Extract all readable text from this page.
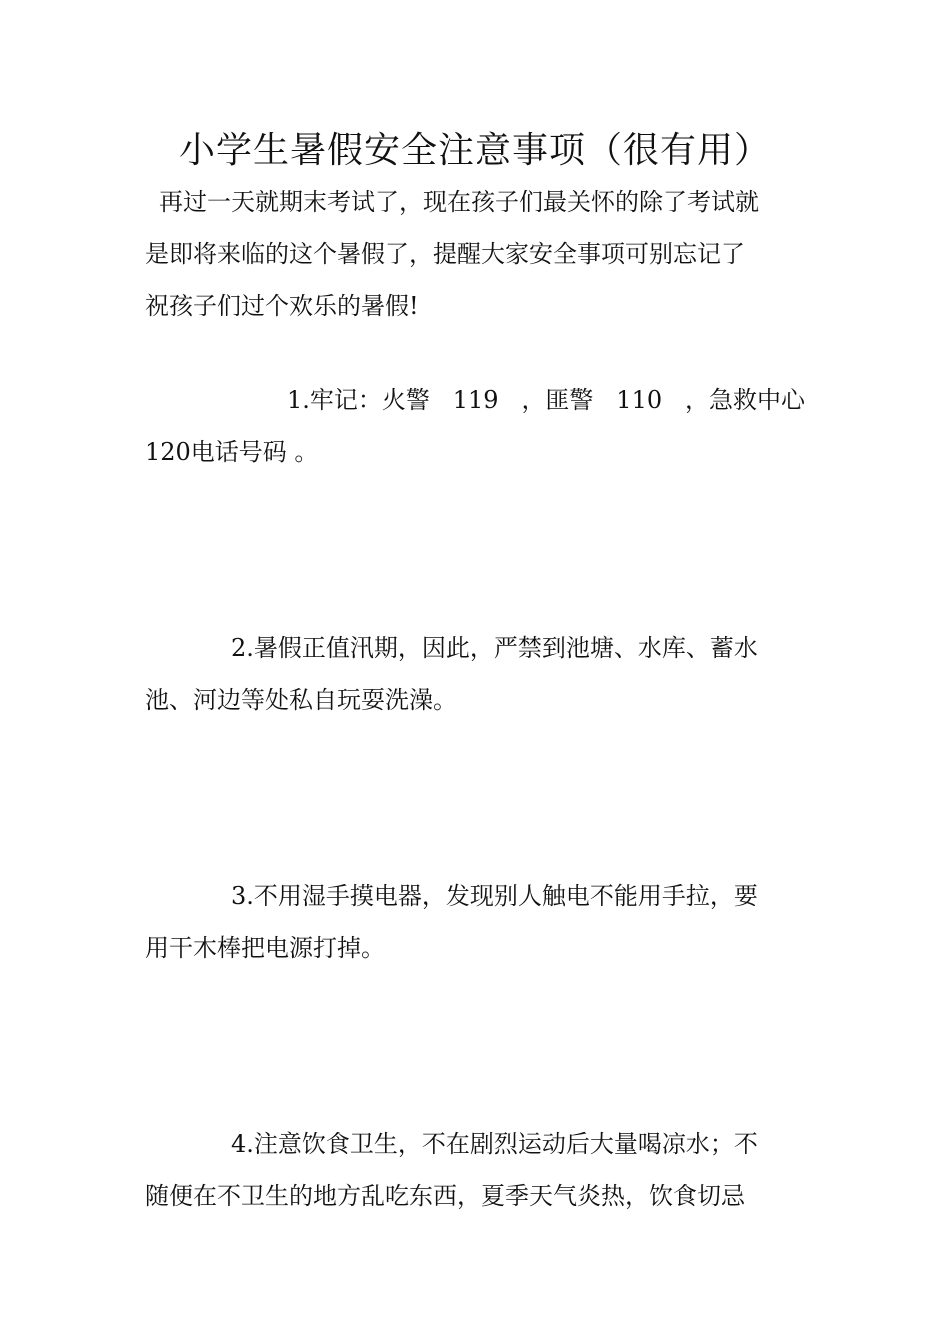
小学生暑假安全注意事项（很有用）
再过一天就期末考试了，现在孩子们最关怀的除了考试就
是即将来临的这个暑假了，提醒大家安全事项可别忘记了
祝孩子们过个欢乐的暑假!
1.牢记：火警 119 ，匪警 110 ，急救中心
120电话号码 。
2.暑假正值汛期，因此，严禁到池塘、水库、蓄水
池、河边等处私自玩耍洗澡。
3.不用湿手摸电器，发现别人触电不能用手拉，要
用干木棒把电源打掉。
4.注意饮食卫生，不在剧烈运动后大量喝凉水；不
随便在不卫生的地方乱吃东西，夏季天气炎热，饮食切忌
